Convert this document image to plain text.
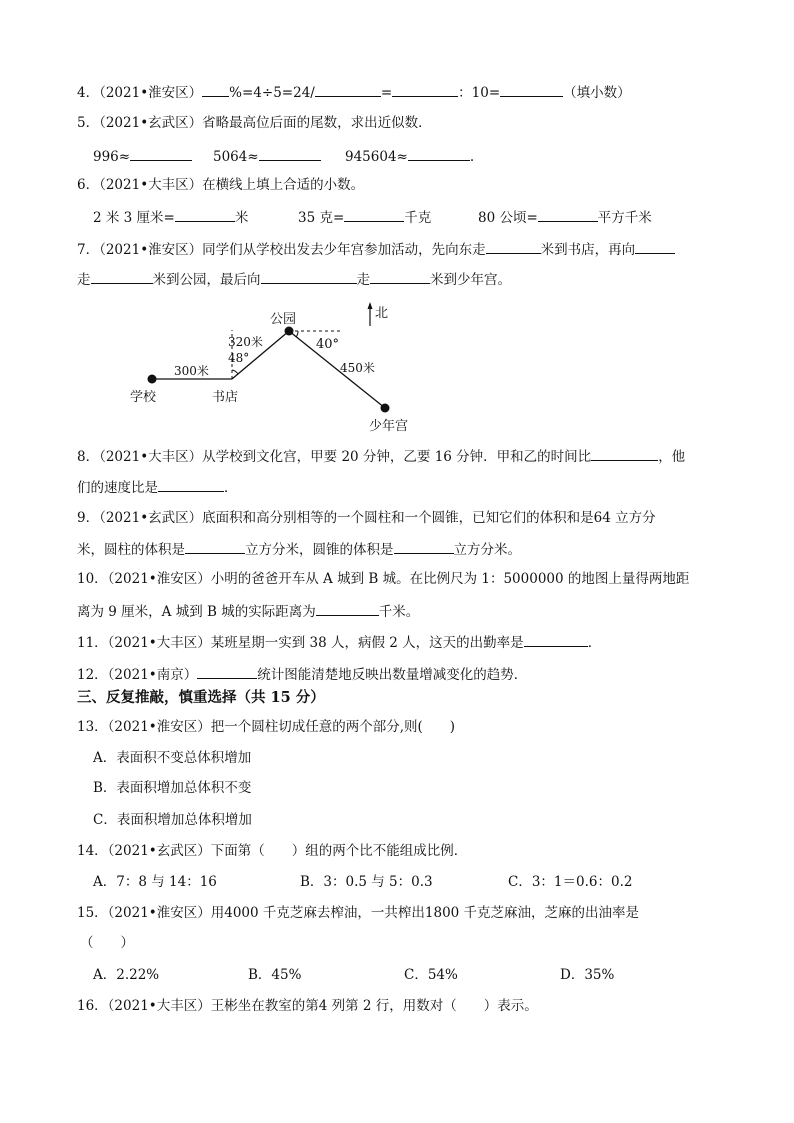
4．（2021•淮安区） %=4÷5=24/	=	：10=	（填小数）
5．（2021•玄武区）省略最高位后面的尾数，求出近似数．
996≈	5064≈	945604≈	.
6．（2021•大丰区）在横线上填上合适的小数。
2 米 3 厘米=	米	35 克=	千克	80 公顷=	平方千米
7．（2021•淮安区）同学们从学校出发去少年宫参加活动，先向东走	米到书店，再向
走	米到公园，最后向	走	米到少年宫。
北
公园
320米
48°
40°
300米	450米
学校	书店
少年宫
8．（2021•大丰区）从学校到文化宫，甲要 20 分钟，乙要 16 分钟．甲和乙的时间比	，他
们的速度比是	．
9．（2021•玄武区）底面积和高分别相等的一个圆柱和一个圆锥，已知它们的体积和是64 立方分
米，圆柱的体积是	立方分米，圆锥的体积是	立方分米。
10．（2021•淮安区）小明的爸爸开车从 A 城到 B 城。在比例尺为 1：5000000 的地图上量得两地距
离为 9 厘米，A 城到 B 城的实际距离为	千米。
11．（2021•大丰区）某班星期一实到 38 人，病假 2 人，这天的出勤率是	．
12．（2021•南京）	统计图能清楚地反映出数量增减变化的趋势．
三、反复推敲，慎重选择（共 15 分）
13．（2021•淮安区）把一个圆柱切成任意的两个部分,则(　　)
A．表面积不变总体积增加
B．表面积增加总体积不变
C．表面积增加总体积增加
14．（2021•玄武区）下面第（　　）组的两个比不能组成比例．
A．7：8 与 14：16	B．3：0.5 与 5：0.3	C．3：1＝0.6：0.2
15．（2021•淮安区）用4000 千克芝麻去榨油，一共榨出1800 千克芝麻油，芝麻的出油率是
（　　）
A．2.22%	B．45%	C．54%	D．35%
16．（2021•大丰区）王彬坐在教室的第4 列第 2 行，用数对（　　）表示。
